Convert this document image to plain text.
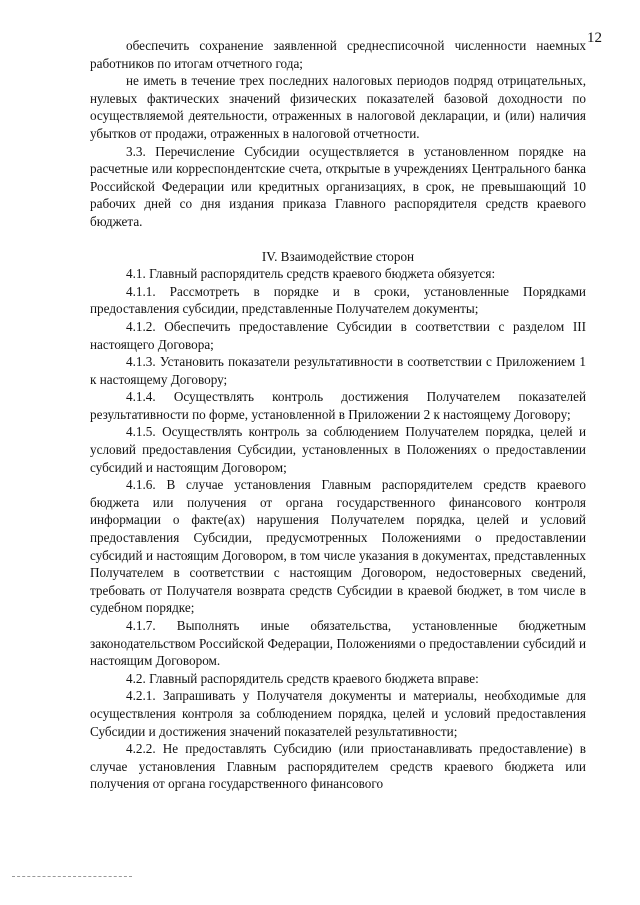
12

обеспечить сохранение заявленной среднесписочной численности наемных работников по итогам отчетного года;

не иметь в течение трех последних налоговых периодов подряд отрицательных, нулевых фактических значений физических показателей базовой доходности по осуществляемой деятельности, отраженных в налоговой декларации, и (или) наличия убытков от продажи, отраженных в налоговой отчетности.

3.3. Перечисление Субсидии осуществляется в установленном порядке на расчетные или корреспондентские счета, открытые в учреждениях Центрального банка Российской Федерации или кредитных организациях, в срок, не превышающий 10 рабочих дней со дня издания приказа Главного распорядителя средств краевого бюджета.

IV. Взаимодействие сторон

4.1. Главный распорядитель средств краевого бюджета обязуется:

4.1.1. Рассмотреть в порядке и в сроки, установленные Порядками предоставления субсидии, представленные Получателем документы;

4.1.2. Обеспечить предоставление Субсидии в соответствии с разделом III настоящего Договора;

4.1.3. Установить показатели результативности в соответствии с Приложением 1 к настоящему Договору;

4.1.4. Осуществлять контроль достижения Получателем показателей результативности по форме, установленной в Приложении 2 к настоящему Договору;

4.1.5. Осуществлять контроль за соблюдением Получателем порядка, целей и условий предоставления Субсидии, установленных в Положениях о предоставлении субсидий и настоящим Договором;

4.1.6. В случае установления Главным распорядителем средств краевого бюджета или получения от органа государственного финансового контроля информации о факте(ах) нарушения Получателем порядка, целей и условий предоставления Субсидии, предусмотренных Положениями о предоставлении субсидий и настоящим Договором, в том числе указания в документах, представленных Получателем в соответствии с настоящим Договором, недостоверных сведений, требовать от Получателя возврата средств Субсидии в краевой бюджет, в том числе в судебном порядке;

4.1.7. Выполнять иные обязательства, установленные бюджетным законодательством Российской Федерации, Положениями о предоставлении субсидий и настоящим Договором.

4.2. Главный распорядитель средств краевого бюджета вправе:

4.2.1. Запрашивать у Получателя документы и материалы, необходимые для осуществления контроля за соблюдением порядка, целей и условий предоставления Субсидии и достижения значений показателей результативности;

4.2.2. Не предоставлять Субсидию (или приостанавливать предоставление) в случае установления Главным распорядителем средств краевого бюджета или получения от органа государственного финансового
